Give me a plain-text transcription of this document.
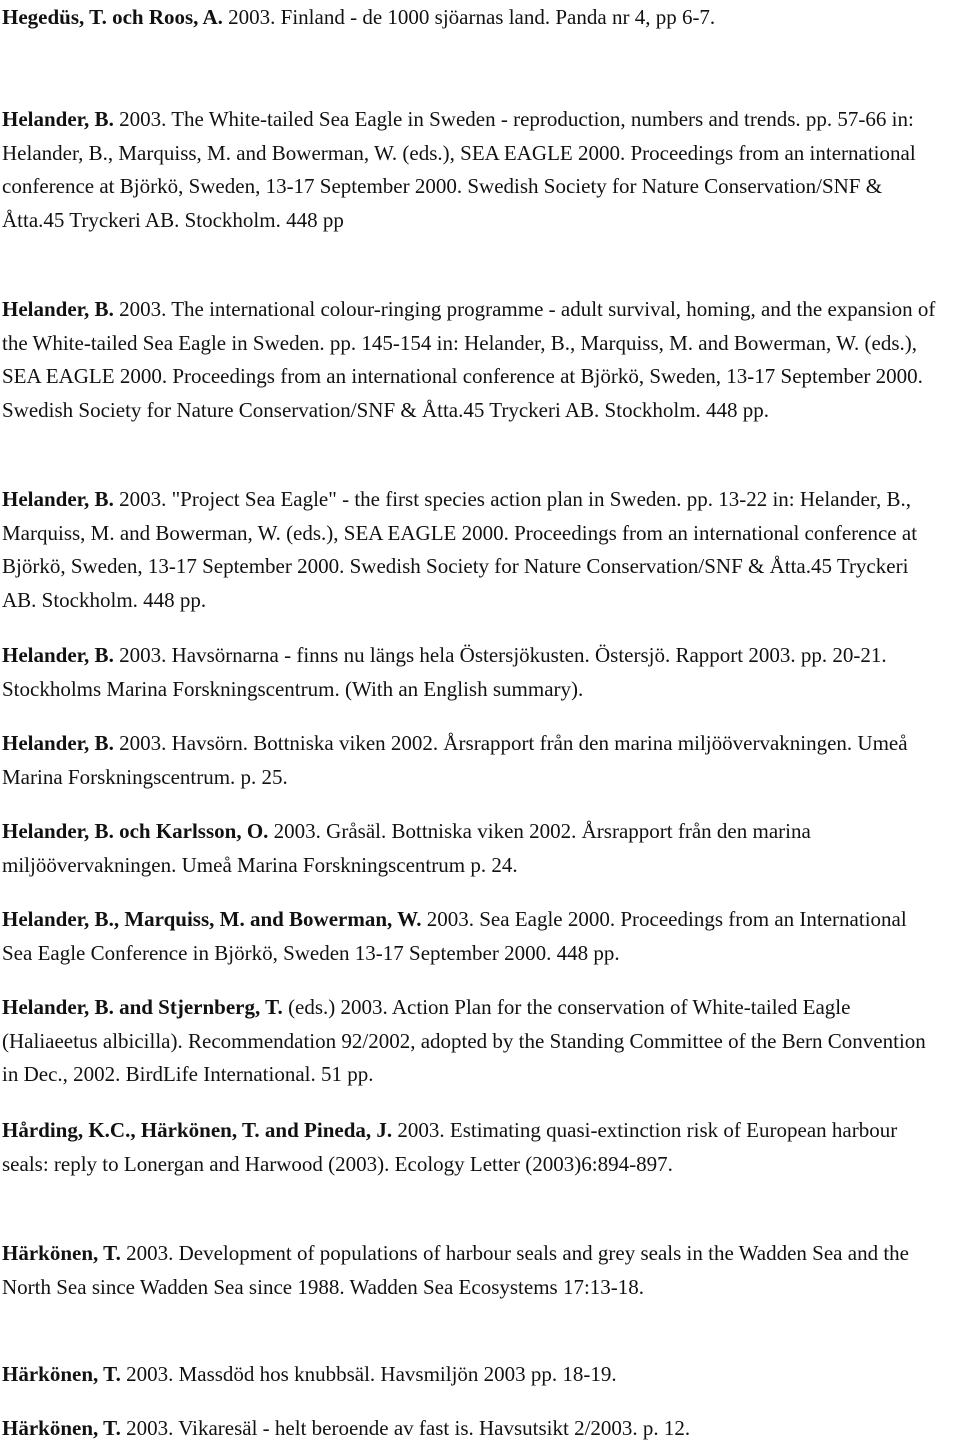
Hegedüs, T. och Roos, A. 2003. Finland - de 1000 sjöarnas land. Panda nr 4, pp 6-7.

Helander, B. 2003. The White-tailed Sea Eagle in Sweden - reproduction, numbers and trends. pp. 57-66 in: Helander, B., Marquiss, M. and Bowerman, W. (eds.), SEA EAGLE 2000. Proceedings from an international conference at Björkö, Sweden, 13-17 September 2000. Swedish Society for Nature Conservation/SNF & Åtta.45 Tryckeri AB. Stockholm. 448 pp

Helander, B. 2003. The international colour-ringing programme - adult survival, homing, and the expansion of the White-tailed Sea Eagle in Sweden. pp. 145-154 in: Helander, B., Marquiss, M. and Bowerman, W. (eds.), SEA EAGLE 2000. Proceedings from an international conference at Björkö, Sweden, 13-17 September 2000. Swedish Society for Nature Conservation/SNF & Åtta.45 Tryckeri AB. Stockholm. 448 pp.

Helander, B. 2003. "Project Sea Eagle" - the first species action plan in Sweden. pp. 13-22 in: Helander, B., Marquiss, M. and Bowerman, W. (eds.), SEA EAGLE 2000. Proceedings from an international conference at Björkö, Sweden, 13-17 September 2000. Swedish Society for Nature Conservation/SNF & Åtta.45 Tryckeri AB. Stockholm. 448 pp.

Helander, B. 2003. Havsörnarna - finns nu längs hela Östersjökusten. Östersjö. Rapport 2003. pp. 20-21. Stockholms Marina Forskningscentrum. (With an English summary).

Helander, B. 2003. Havsörn. Bottniska viken 2002. Årsrapport från den marina miljöövervakningen. Umeå Marina Forskningscentrum. p. 25.

Helander, B. och Karlsson, O. 2003. Gråsäl. Bottniska viken 2002. Årsrapport från den marina miljöövervakningen. Umeå Marina Forskningscentrum p. 24.

Helander, B., Marquiss, M. and Bowerman, W. 2003. Sea Eagle 2000. Proceedings from an International Sea Eagle Conference in Björkö, Sweden 13-17 September 2000. 448 pp.

Helander, B. and Stjernberg, T. (eds.) 2003. Action Plan for the conservation of White-tailed Eagle (Haliaeetus albicilla). Recommendation 92/2002, adopted by the Standing Committee of the Bern Convention in Dec., 2002. BirdLife International. 51 pp.

Hårding, K.C., Härkönen, T. and Pineda, J. 2003. Estimating quasi-extinction risk of European harbour seals: reply to Lonergan and Harwood (2003). Ecology Letter (2003)6:894-897.

Härkönen, T. 2003. Development of populations of harbour seals and grey seals in the Wadden Sea and the North Sea since Wadden Sea since 1988. Wadden Sea Ecosystems 17:13-18.

Härkönen, T. 2003. Massdöd hos knubbsäl. Havsmiljön 2003 pp. 18-19.

Härkönen, T. 2003. Vikaresäl - helt beroende av fast is. Havsutsikt 2/2003. p. 12.
